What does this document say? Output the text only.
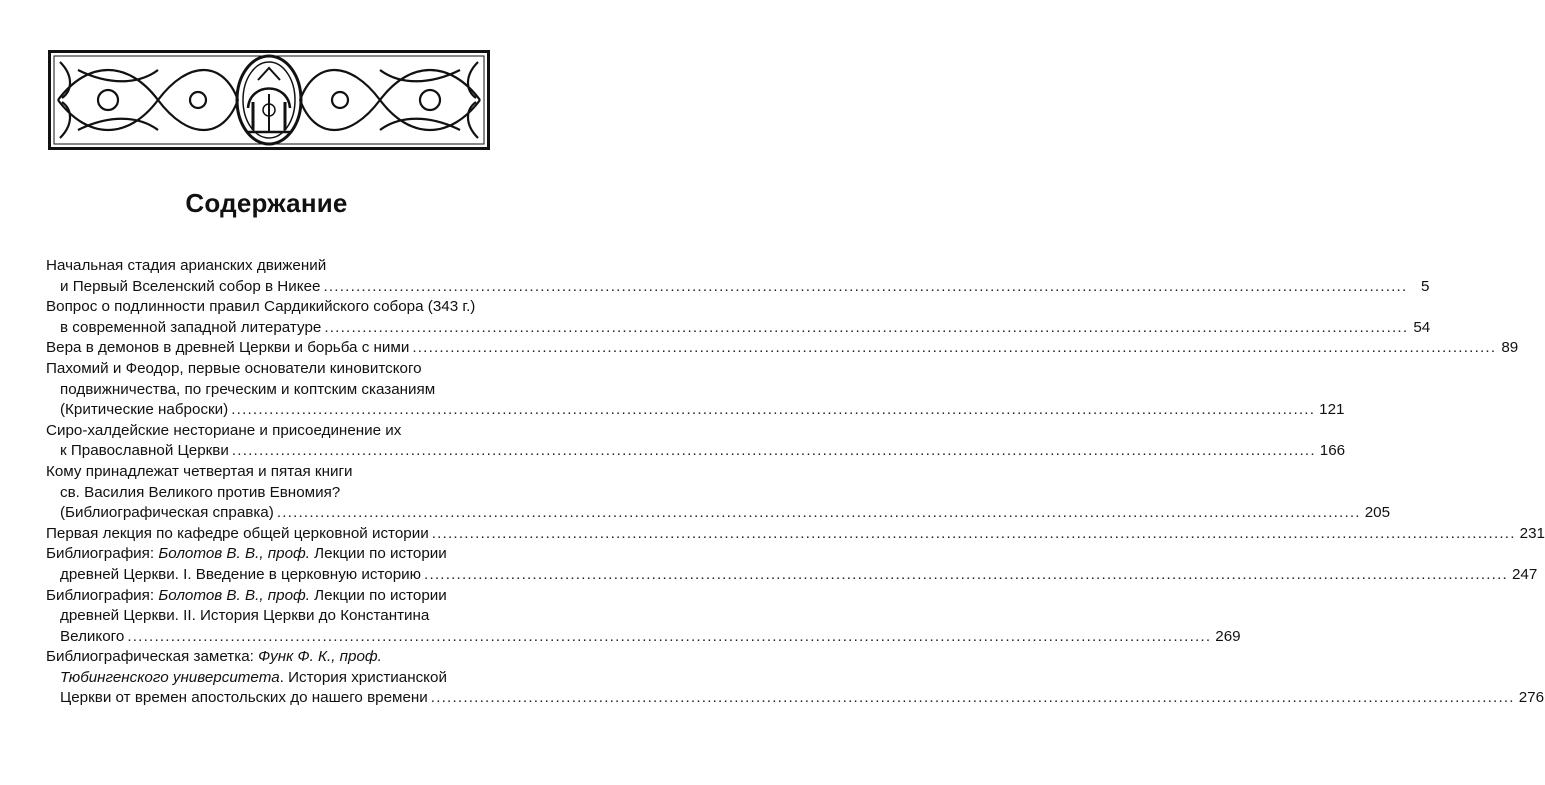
Содержание
Начальная стадия арианских движений
и Первый Вселенский собор в Никее ........................................................................................................................................................................................................ 5
Вопрос о подлинности правил Сардикийского собора (343 г.)
в современной западной литературе ........................................................................................................................................................................................................ 54
Вера в демонов в древней Церкви и борьба с ними ........................................................................................................................................................................................................ 89
Пахомий и Феодор, первые основатели киновитского
подвижничества, по греческим и коптским сказаниям
(Критические наброски) ........................................................................................................................................................................................................ 121
Сиро-халдейские несториане и присоединение их
к Православной Церкви ........................................................................................................................................................................................................ 166
Кому принадлежат четвертая и пятая книги
св. Василия Великого против Евномия?
(Библиографическая справка) ........................................................................................................................................................................................................ 205
Первая лекция по кафедре общей церковной истории ........................................................................................................................................................................................................ 231
Библиография: Болотов В. В., проф. Лекции по истории
древней Церкви. I. Введение в церковную историю ........................................................................................................................................................................................................ 247
Библиография: Болотов В. В., проф. Лекции по истории
древней Церкви. II. История Церкви до Константина
Великого ........................................................................................................................................................................................................ 269
Библиографическая заметка: Функ Ф. К., проф.
Тюбингенского университета. История христианской
Церкви от времен апостольских до нашего времени ........................................................................................................................................................................................................ 276
